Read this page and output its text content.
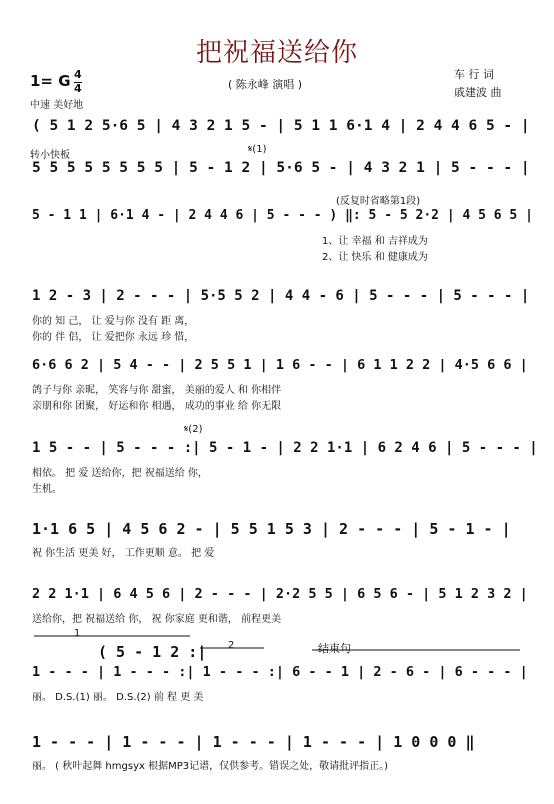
把祝福送给你
( 陈永峰 演唱 )
车 行 词
戚建波 曲
1= G 4
4
中速 美好地
转小快板
𝄋(1)
(反复时省略第1段)
𝄋(2)
( 5 - 1 2 :|
1
2	结束句
( 5 1 2 5·6 5 | 4 3 2 1 5 - | 5 1 1 6·1 4 | 2 4 4 6 5 - |
5 5 5 5 5 5 5 5 | 5 - 1 2 | 5·6 5 - | 4 3 2 1 | 5 - - - |
5 - 1 1 | 6·1 4 - | 2 4 4 6 | 5 - - - ) ‖: 5 - 5 2·2 | 4 5 6 5 |
1、让 幸福 和 吉祥成为
2、让 快乐 和 健康成为
1 2 - 3 | 2 - - - | 5·5 5 2 | 4 4 - 6 | 5 - - - | 5 - - - |
你的 知 己， 让 爱与你 没有 距 离，
你的 伴 侣， 让 爱把你 永远 珍 惜，
6·6 6 2 | 5 4 - - | 2 5 5 1 | 1 6 - - | 6 1 1 2 2 | 4·5 6 6 |
鸽子与你 亲昵， 笑容与你 甜蜜， 美丽的爱人 和 你相伴
亲朋和你 团聚， 好运和你 相遇， 成功的事业 给 你无限
1 5 - - | 5 - - - :| 5 - 1 - | 2 2 1·1 | 6 2 4 6 | 5 - - - |
相依。 把 爱 送给你，把 祝福送给 你，
生机。
1·1 6 5 | 4 5 6 2 - | 5 5 1 5 3 | 2 - - - | 5 - 1 - |
祝 你生活 更美 好， 工作更顺 意。 把 爱
2 2 1·1 | 6 4 5 6 | 2 - - - | 2·2 5 5 | 6 5 6 - | 5 1 2 3 2 |
送给你，把 祝福送给 你， 祝 你家庭 更和谐， 前程更美
1 - - - | 1 - - - :| 1 - - - :| 6 - - 1 | 2 - 6 - | 6 - - - |
丽。 D.S.(1) 丽。 D.S.(2) 前 程 更 美
1 - - - | 1 - - - | 1 - - - | 1 - - - | 1 0 0 0 ‖
丽。 ( 秋叶起舞 hmgsyx 根据MP3记谱，仅供参考。错误之处，敬请批评指正。)
